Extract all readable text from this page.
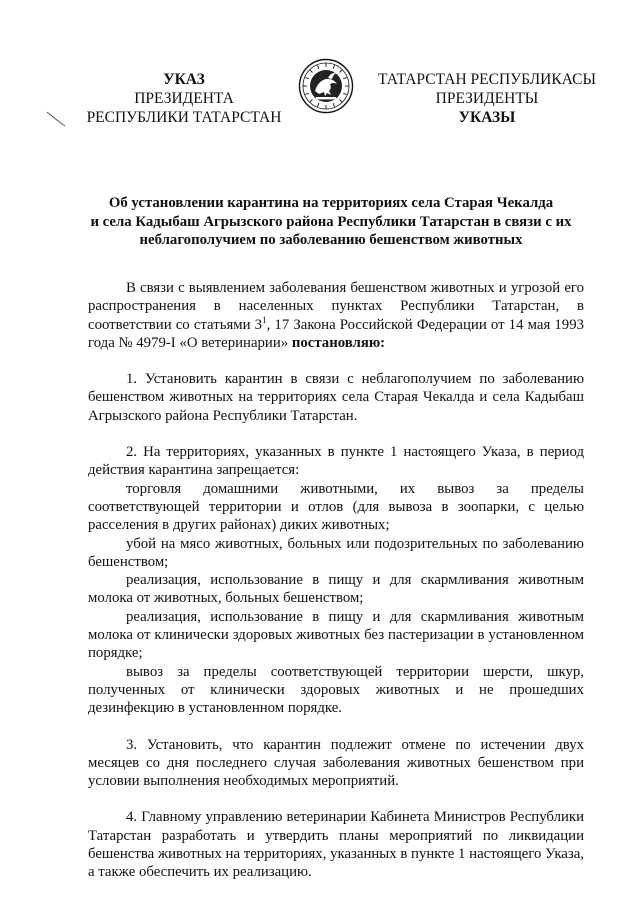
УКАЗ
ПРЕЗИДЕНТА
РЕСПУБЛИКИ ТАТАРСТАН
ТАТАРСТАН РЕСПУБЛИКАСЫ
ПРЕЗИДЕНТЫ
УКАЗЫ
Об установлении карантина на территориях села Старая Чекалда
и села Кадыбаш Агрызского района Республики Татарстан в связи с их
неблагополучием по заболеванию бешенством животных

В связи с выявлением заболевания бешенством животных и угрозой его распространения в населенных пунктах Республики Татарстан, в соответствии со статьями $3^1$, 17 Закона Российской Федерации от 14 мая 1993 года № 4979-I «О ветеринарии» постановляю:

1. Установить карантин в связи с неблагополучием по заболеванию бешенством животных на территориях села Старая Чекалда и села Кадыбаш Агрызского района Республики Татарстан.

2. На территориях, указанных в пункте 1 настоящего Указа, в период действия карантина запрещается:

торговля домашними животными, их вывоз за пределы соответствующей территории и отлов (для вывоза в зоопарки, с целью расселения в других районах) диких животных;

убой на мясо животных, больных или подозрительных по заболеванию бешенством;

реализация, использование в пищу и для скармливания животным молока от животных, больных бешенством;

реализация, использование в пищу и для скармливания животным молока от клинически здоровых животных без пастеризации в установленном порядке;

вывоз за пределы соответствующей территории шерсти, шкур, полученных от клинически здоровых животных и не прошедших дезинфекцию в установленном порядке.

3. Установить, что карантин подлежит отмене по истечении двух месяцев со дня последнего случая заболевания животных бешенством при условии выполнения необходимых мероприятий.

4. Главному управлению ветеринарии Кабинета Министров Республики Татарстан разработать и утвердить планы мероприятий по ликвидации бешенства животных на территориях, указанных в пункте 1 настоящего Указа, а также обеспечить их реализацию.
